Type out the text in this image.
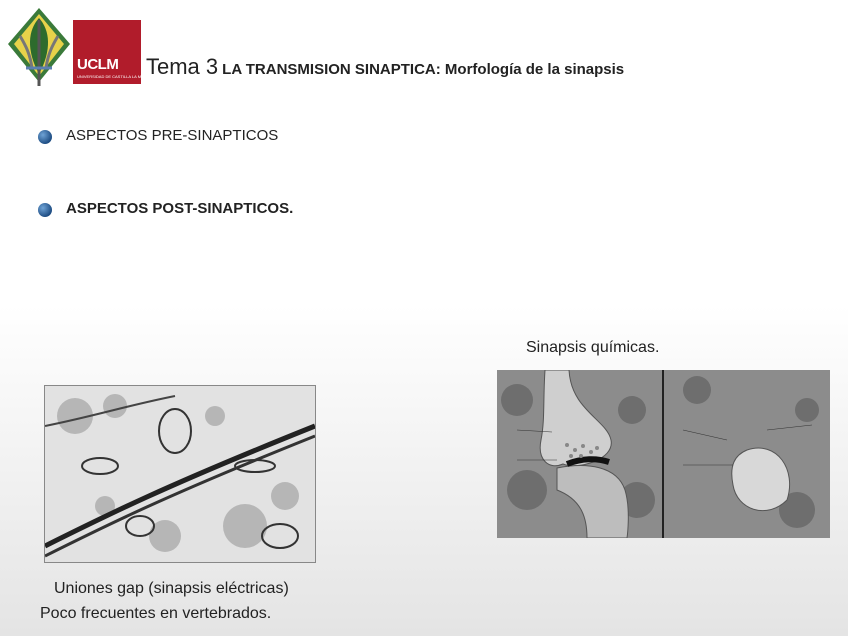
UCLM
UNIVERSIDAD DE CASTILLA LA MANCHA
Tema 3 LA TRANSMISION SINAPTICA: Morfología de la sinapsis
ASPECTOS PRE-SINAPTICOS
ASPECTOS POST-SINAPTICOS.
Sinapsis químicas.
Uniones gap (sinapsis eléctricas)
Poco frecuentes en vertebrados.
